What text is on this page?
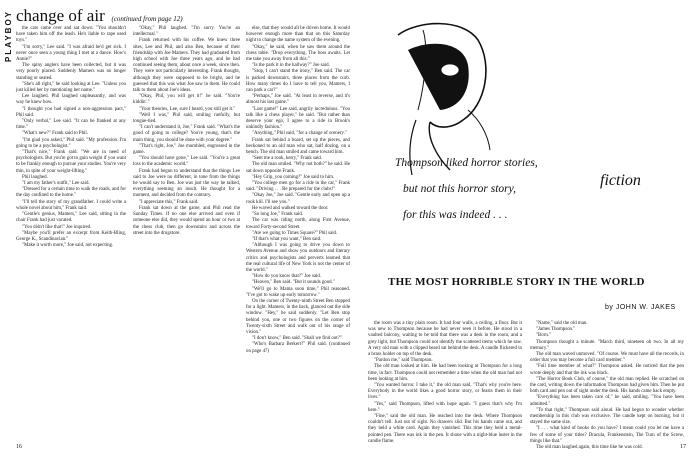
PLAYBOY change of air (continued from page 12)

the cars came over and sat down. "You shouldn't have taken him off the leash. He's liable to rape used toys."

"I'm sorry," Lee said. "I was afraid he'd get sick. I never once seen a young thing I met at a dance. How's Annie?"

The spiny anglers have been collected, but it was very poorly placed. Suddenly Mamers was no longer standing or seated.

"She's all right," he said looking at Lee. "Unless you just killed her by mentioning her name."

Lee laughed. Phil laughed unpleasantly, and was way he knew how.

"I thought you had signed a non-aggression pact," Phil said.

"Only verbal," Lee said. "It can be flanked at any time."

"What's new?" Frank said to Phil.

"I'm glad you asked," Phil said. "My profession. I'm going to be a psychologist."

"That's nice," Frank said. "We are in need of psychologists. But you're got to gain weight if you want to be frankly enough to pursue your studies. You're very thin, in spite of your weight-lifting."

Phil laughed.

"I am my father's outfit," Lee said.

"Dressed for a certain time to walk the roads, and for the day confined to the home."

"I'll tell the story of my grandfather. I could write a whole novel about him," Frank said.

"Gentle's genius, Mamers," Lee said, sitting in the chair Frank had just vacated.

"You didn't like that!" Joe inquired.

"Maybe you'll prefer an excerpt from Keith-Bling, George K., Scandinavian."

"Make it worth more," Joe said, not expecting.

"Okay," Phil laughed. "I'm sorry. You're an intellectual."

Frank returned with his coffee. We knew three sites, Lee and Phil, and also Ben, because of their friendship with Joe Mamers. They had graduated from high school with Joe three years ago, and he had continued seeing them, about once a week, since then. They were not particularly interesting. Frank thought, although they were supposed to be bright, and he guessed that this was what Joe saw in them. He could talk to them about Joe's ideas.

"Okay, Phil, you will get it!" he said. "You're kiddin'."

"Your theories, Lee, sure I heard, you still get it."

"Well I was," Phil said, smiling ruefully, but tongue-tied.

"I can't understand it, Joe," Frank said. "What's the good of going to college? You're young, that's the main thing, you should be done with your degree."

"That's right, Joe," Joe mumbled, engrossed in the game.

"You should have gone," Lee said. "You're a great loss to the academic world."

Frank had begun to understand that the things Lee said to Joe were no different, in tone from the things he would say to Ben. Joe was just the way he talked, everything seeming an insult. He thought for a moment, and decided from the contrary.

"I appreciate this," Frank said.

Frank sat down at the game, and Phil read the Sunday Times. If no one else arrived and even if someone else did, they would spend an hour or two at the chess club, then go downstairs and across the street into the drugstore.

else, that they would all be driven home. It would however enough more than that on this Saturday night to change the name system of the evening.

"Okay," he said, when he saw them around the chess table. "Drop everything. The boss awaits. Let me take you away from all this."

"Is the park it in the hallway?" Joe said.

"Stop, I can't stand the irony," Ben said. The car is parked downstairs, three places from the curb. How many times do I have to tell you, Mamers, I can park a car?"

"Perhaps," Joe said. "At least in reverse, and it's almost his last game."

"Lost game!" Lee said, angrily incredulous. "You talk like a chess player," he said. "But rather than deserve your ego, I agree to a ride in Brook's unkindly fashion."

"Anything," Phil said, "for a change of scenery."

Frank sat behind a board, set up the pieces, and beckoned to an old man who sat, half dozing, on a bench. The old man smiled and came toward him.

"Sent me a rook, kerry," Frank said.

The old man smiled. "Why not both?" he said. He sat down opposite Frank.

"Hey Grip, you coming?" Joe said to him.

"You college men go for a ride in the car," Frank said. "Driving . . . Be prepared for the clubs!"

"Okay Joe," Joe said. "Gentle early and open up a rook kill. I'll see you."

He waved and walked toward the door.

"So long Joe," Frank said.

The car was riding north, along First Avenue, toward Forty-second Street.

"Are we going to Times Square?" Phil said.

"If that's what you want," Ben said.

"Although I was going to drive you down to Western Avenue and show you outdoors and literary critics and psychologists and perverts learned that the real cultural life of New York is not the center of the world."

"How do you know that?" Joe said.

"Heaven," Ben said. "But it sounds good."

"We'll go to Mama soon time," Phil reasoned. "I've got to wake up early tomorrow."

On the corner of Twenty-ninth Street Ben stopped for a light. Mamers, in the back, glanced out the side window. "Hey," he said suddenly. "Let Ben stop behind you, one or two figures on the corner of Twenty-sixth Street and walk out of his range of vision."

"I don't know," Ben said. "Shall we find out?"

"Who's Barbara Berkert?" Phil said. (continued on page 47)

16
Thompson liked horror stories,
but not this horror story,
for this was indeed . . .
fiction
THE MOST HORRIBLE STORY IN THE WORLD
by JOHN W. JAKES

the room was a tiny plain room. It had four walls, a ceiling, a floor. But it was new to Thompson because he had never seen it before. He stood in a vaulted balcony, waiting to be told that there was a desk in the room, and a grey light, but Thompson could not identify the scattered items which he saw. A very old man with a clipped beard sat behind the desk. A candle flickered in a brass holder on top of the desk.

"Pardon me," said Thompson.

The old man looked at him. He had been looking at Thompson for a long time, in fact. Thompson could not remember a time when the old man had not been looking at him.

"You wanted horror. I take it," the old man said. "That's why you're here. Everybody in the world likes a good horror story, or feasts them in their lives."

"Yes," said Thompson, lifted with hope again. "I guess that's why I'm here."

"Fine," said the old man. He reached into the desk. Where Thompson couldn't tell. Just out of sight. No drawers slid. But his hands came out, and they held a white card. Again they vanished. This time they held a metal-pointed pen. There was ink in the pen. It shone with a night-blue luster in the candle flame.

"Name," said the old man.

"James Thompson."

"Born."

Thompson thought a minute. "March third, nineteen oh two. In all my memory."

The old man waved unmoved. "Of course. We must have all the records, in order that you may become a full card member."

"Full time member of what?" Thompson asked. He noticed that the pen wrote deeply and that the ink was black.

"The Horror Book Club, of course," the old man replied. He scratched on the card, writing down the information Thompson had given him. Then he put both card and pen out of sight under the desk. His hands came back empty.

"Everything has been taken care of," he said, smiling. "You have been admitted."

"To that right," Thompson said aloud. He had begun to wonder whether membership in this club was exclusive. The candle kept on burning, but it stayed the same size.

"I . . . what kind of books do you have? I mean could you let me have a few of some of your titles? Dracula, Frankenstein, The Turn of the Screw, things like that."

The old man laughed again, this time like he was cold.	17
